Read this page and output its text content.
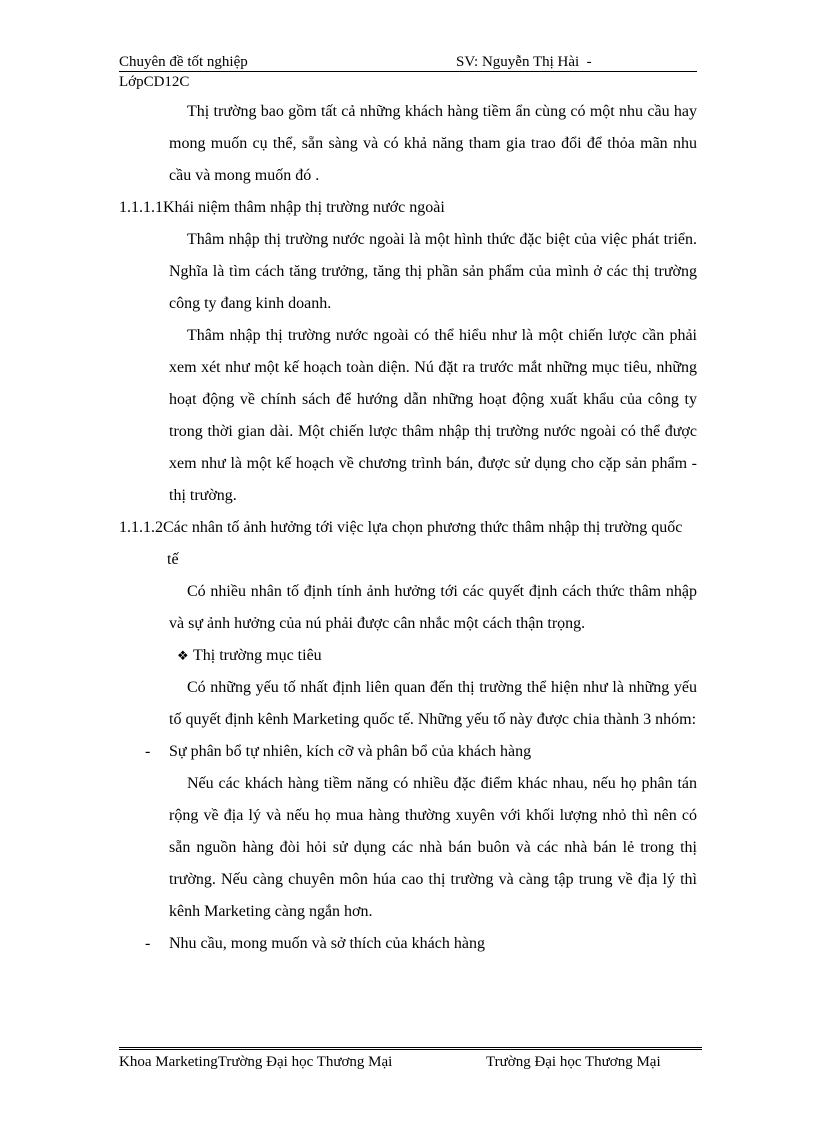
Chuyên đề tốt nghiệp	SV: Nguyễn Thị Hài  -
LớpCD12C

Thị trường bao gồm tất cả những khách hàng tiềm ẩn cùng có một nhu cầu hay mong muốn cụ thể, sẵn sàng và có khả năng tham gia trao đổi để thỏa mãn nhu cầu và mong muốn đó .

1.1.1.1Khái niệm thâm nhập thị trường nước ngoài

Thâm nhập thị trường nước ngoài là một hình thức đặc biệt của việc phát triển. Nghĩa là tìm cách tăng trưởng, tăng thị phần sản phẩm của mình ở các thị trường công ty đang kinh doanh.

Thâm nhập thị trường nước ngoài có thể hiểu như là một chiến lược cần phải xem xét như một kế hoạch toàn diện. Nú đặt ra trước mắt những mục tiêu, những hoạt động về chính sách để hướng dẫn những hoạt động xuất khẩu của công ty trong thời gian dài. Một chiến lược thâm nhập thị trường nước ngoài có thể được xem như là một kế hoạch về chương trình bán, được sử dụng cho cặp sản phẩm - thị trường.

1.1.1.2Các nhân tố ảnh hưởng tới việc lựa chọn phương thức thâm nhập thị trường quốc tế

Có nhiều nhân tố định tính ảnh hưởng tới các quyết định cách thức thâm nhập và sự ảnh hưởng của nú phải được cân nhắc một cách thận trọng.

❖ Thị trường mục tiêu

Có những yếu tố nhất định liên quan đến thị trường thể hiện như là những yếu tố quyết định kênh Marketing quốc tế. Những yếu tố này được chia thành 3 nhóm:

- Sự phân bổ tự nhiên, kích cỡ và phân bổ của khách hàng

Nếu các khách hàng tiềm năng có nhiều đặc điểm khác nhau, nếu họ phân tán rộng về địa lý và nếu họ mua hàng thường xuyên với khối lượng nhỏ thì nên có sẵn nguồn hàng đòi hỏi sử dụng các nhà bán buôn và các nhà bán lẻ trong thị trường. Nếu càng chuyên môn húa cao thị trường và càng tập trung về địa lý thì kênh Marketing càng ngắn hơn.

- Nhu cầu, mong muốn và sở thích của khách hàng

Khoa MarketingTrường Đại học Thương Mại	Trường Đại học Thương Mại
